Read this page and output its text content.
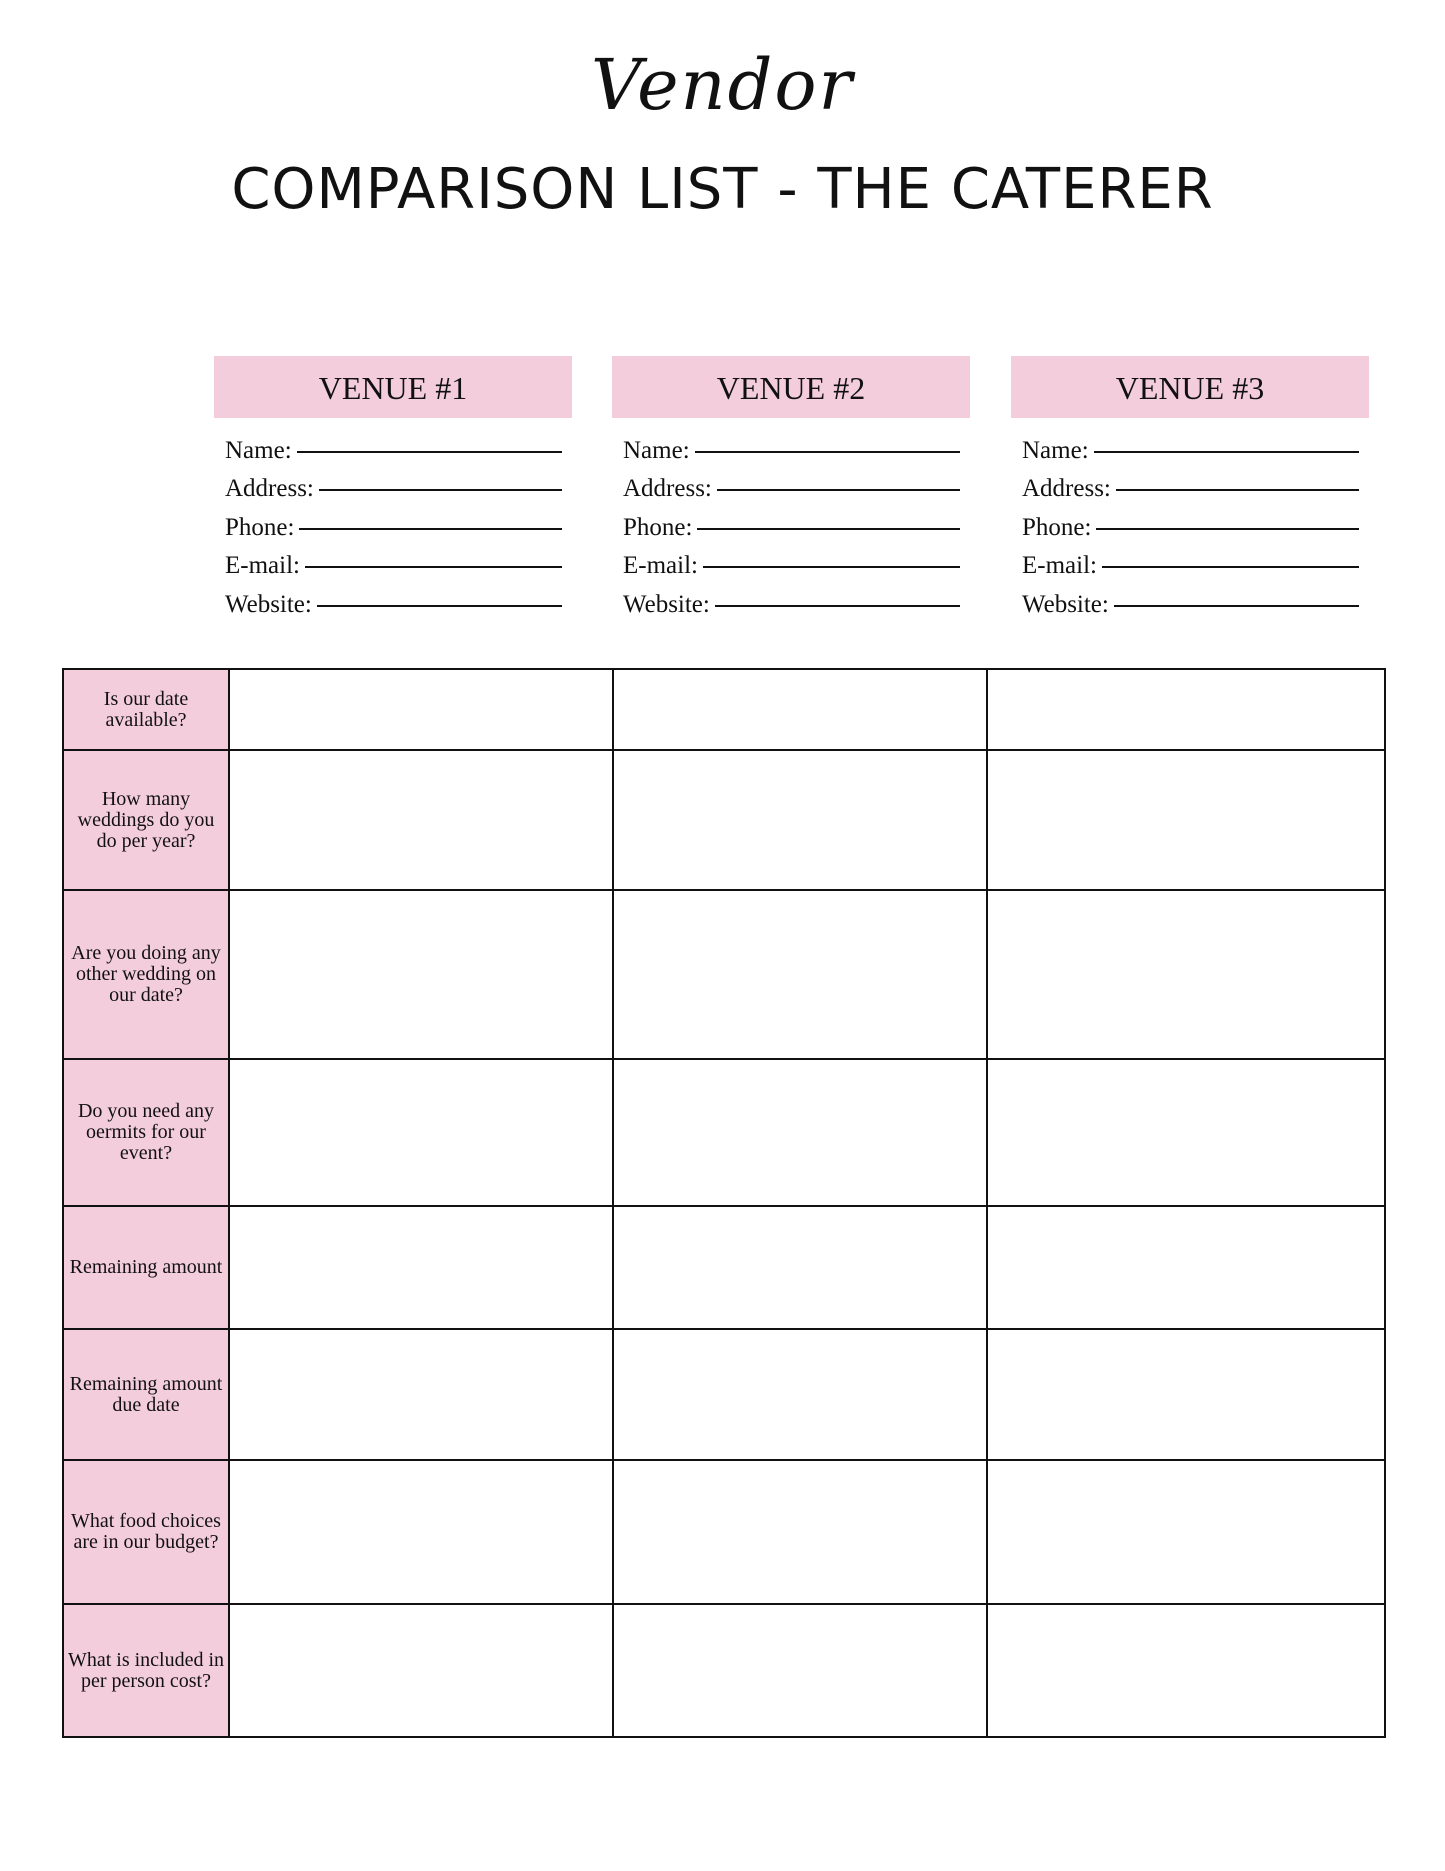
Vendor
COMPARISON LIST - THE CATERER
VENUE #1
Name:
Address:
Phone:
E-mail:
Website:
VENUE #2
Name:
Address:
Phone:
E-mail:
Website:
VENUE #3
Name:
Address:
Phone:
E-mail:
Website:
Is our date available?			
How many weddings do you do per year?			
Are you doing any other wedding on our date?			
Do you need any oermits for our event?			
Remaining amount			
Remaining amount due date			
What food choices are in our budget?			
What is included in per person cost?			
